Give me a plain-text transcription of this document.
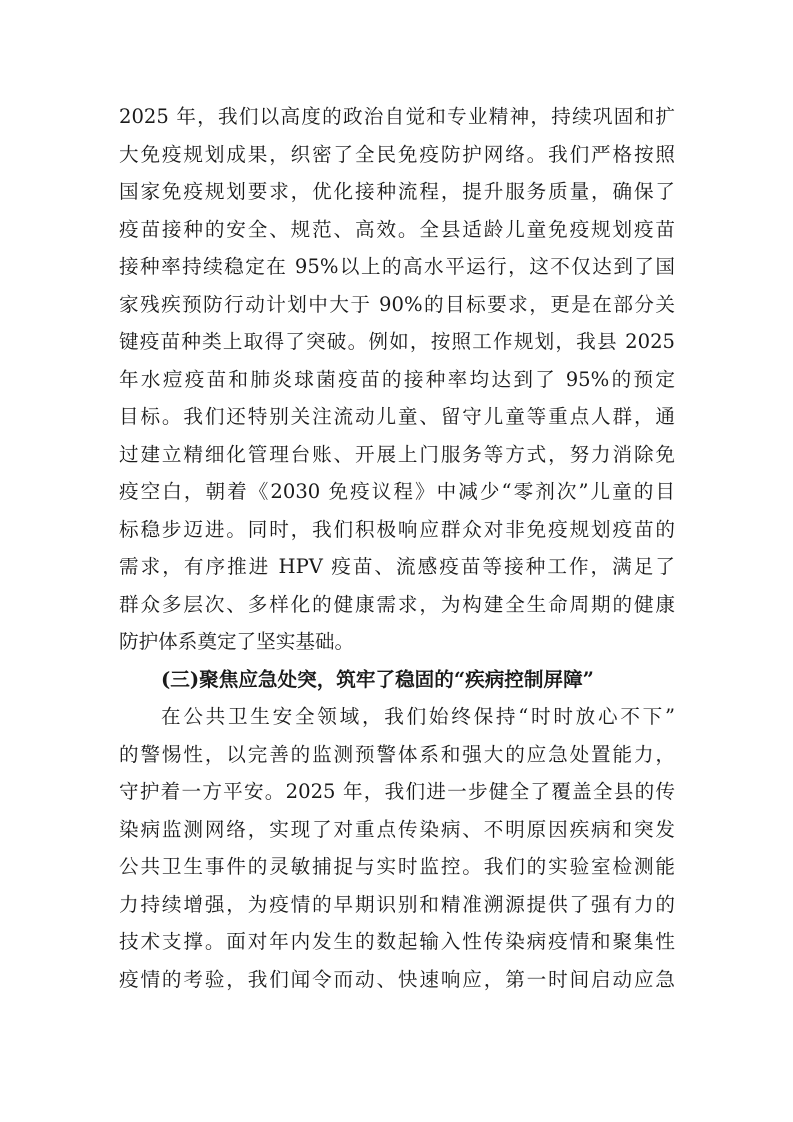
2025 年，我们以高度的政治自觉和专业精神，持续巩固和扩
大免疫规划成果，织密了全民免疫防护网络。我们严格按照
国家免疫规划要求，优化接种流程，提升服务质量，确保了
疫苗接种的安全、规范、高效。全县适龄儿童免疫规划疫苗
接种率持续稳定在 95%以上的高水平运行，这不仅达到了国
家残疾预防行动计划中大于 90%的目标要求，更是在部分关
键疫苗种类上取得了突破。例如，按照工作规划，我县 2025
年水痘疫苗和肺炎球菌疫苗的接种率均达到了 95%的预定
目标。我们还特别关注流动儿童、留守儿童等重点人群，通
过建立精细化管理台账、开展上门服务等方式，努力消除免
疫空白，朝着《2030 免疫议程》中减少“零剂次”儿童的目
标稳步迈进。同时，我们积极响应群众对非免疫规划疫苗的
需求，有序推进 HPV 疫苗、流感疫苗等接种工作，满足了
群众多层次、多样化的健康需求，为构建全生命周期的健康
防护体系奠定了坚实基础。
(三)聚焦应急处突，筑牢了稳固的“疾病控制屏障”
在公共卫生安全领域，我们始终保持“时时放心不下”
的警惕性，以完善的监测预警体系和强大的应急处置能力，
守护着一方平安。2025 年，我们进一步健全了覆盖全县的传
染病监测网络，实现了对重点传染病、不明原因疾病和突发
公共卫生事件的灵敏捕捉与实时监控。我们的实验室检测能
力持续增强，为疫情的早期识别和精准溯源提供了强有力的
技术支撑。面对年内发生的数起输入性传染病疫情和聚集性
疫情的考验，我们闻令而动、快速响应，第一时间启动应急
